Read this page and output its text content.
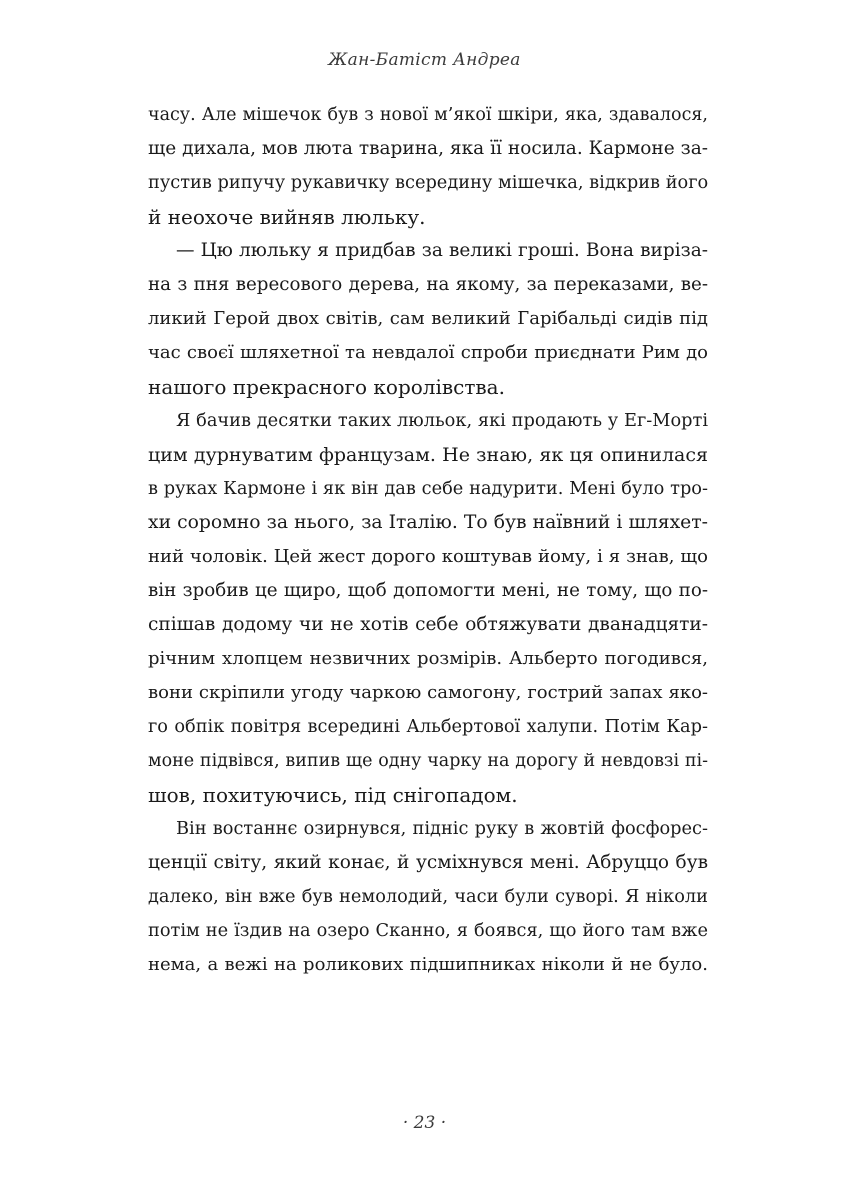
Жан-Батіст Андреа
часу. Але мішечок був з нової м’якої шкіри, яка, здавалося,
ще дихала, мов люта тварина, яка її носила. Кармоне за-
пустив рипучу рукавичку всередину мішечка, відкрив його
й неохоче вийняв люльку.
— Цю люльку я придбав за великі гроші. Вона вирізa-
на з пня вересового дерева, на якому, за переказами, ве-
ликий Герой двох світів, сам великий Гарібальді сидів під
час своєї шляхетної та невдалої спроби приєднати Рим до
нашого прекрасного королівства.
Я бачив десятки таких люльок, які продають у Ег-Морті
цим дурнуватим французам. Не знаю, як ця опинилася
в руках Кармоне і як він дав себе надурити. Мені було тро-
хи соромно за нього, за Італію. То був наївний і шляхет-
ний чоловік. Цей жест дорого коштував йому, і я знав, що
він зробив це щиро, щоб допомогти мені, не тому, що по-
спішав додому чи не хотів себе обтяжувати дванадцяти-
річним хлопцем незвичних розмірів. Альберто погодився,
вони скріпили угоду чаркою самогону, гострий запах яко-
го обпік повітря всередині Альбертової халупи. Потім Кар-
моне підвівся, випив ще одну чарку на дорогу й невдовзі пі-
шов, похитуючись, під снігопадом.
Він востаннє озирнувся, підніс руку в жовтій фосфорес-
ценції світу, який конає, й усміхнувся мені. Абруццо був
далеко, він вже був немолодий, часи були суворі. Я ніколи
потім не їздив на озеро Сканно, я боявся, що його там вже
нема, а вежі на роликових підшипниках ніколи й не було.
· 23 ·
